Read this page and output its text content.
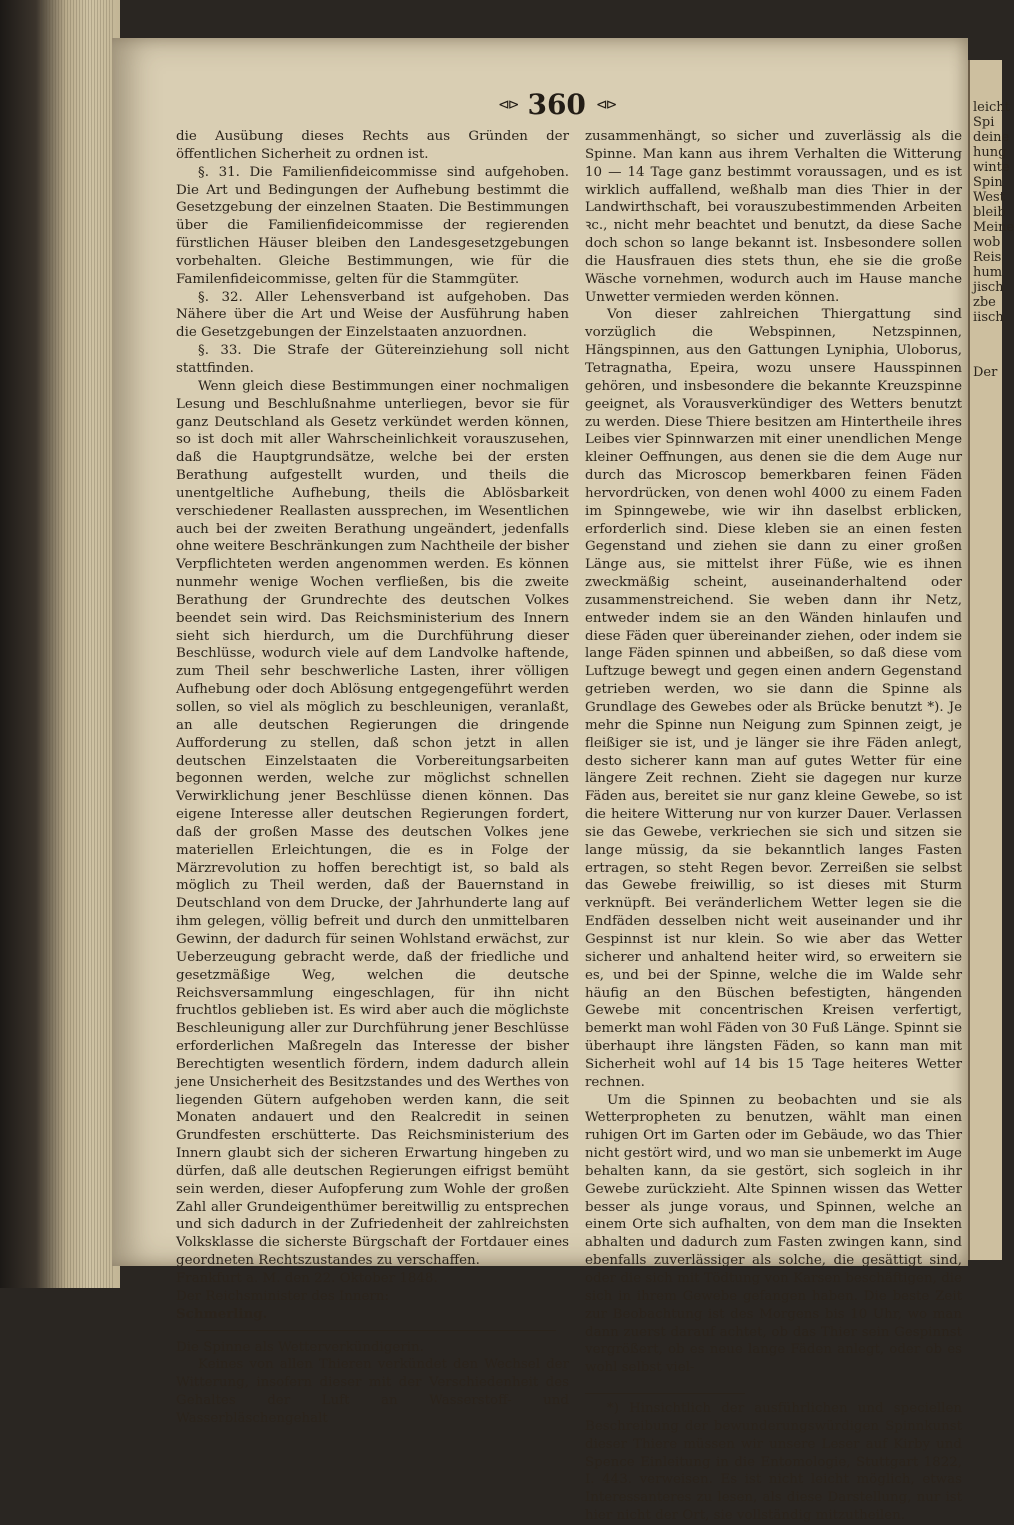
leicht
Spi
deine
hung
winte
Spin
West
bleib
Meine
wob
Reis
hum
jisch
zbe
iisch
Der
⊲⊳ 360 ⊲⊳

die Ausübung dieses Rechts aus Gründen der öffentlichen Sicherheit zu ordnen ist.

§. 31. Die Familienfideicommisse sind aufgehoben. Die Art und Bedingungen der Aufhebung bestimmt die Gesetzgebung der einzelnen Staaten. Die Bestimmungen über die Familienfideicommisse der regierenden fürstlichen Häuser bleiben den Landesgesetzgebungen vorbehalten. Gleiche Bestimmungen, wie für die Familenfideicommisse, gelten für die Stammgüter.

§. 32. Aller Lehensverband ist aufgehoben. Das Nähere über die Art und Weise der Ausführung haben die Gesetzgebungen der Einzelstaaten anzuordnen.

§. 33. Die Strafe der Gütereinziehung soll nicht stattfinden.

Wenn gleich diese Bestimmungen einer nochmaligen Lesung und Beschlußnahme unterliegen, bevor sie für ganz Deutschland als Gesetz verkündet werden können, so ist doch mit aller Wahrscheinlichkeit vorauszusehen, daß die Hauptgrundsätze, welche bei der ersten Berathung aufgestellt wurden, und theils die unentgeltliche Aufhebung, theils die Ablösbarkeit verschiedener Reallasten aussprechen, im Wesentlichen auch bei der zweiten Berathung ungeändert, jedenfalls ohne weitere Beschränkungen zum Nachtheile der bisher Verpflichteten werden angenommen werden. Es können nunmehr wenige Wochen verfließen, bis die zweite Berathung der Grundrechte des deutschen Volkes beendet sein wird. Das Reichsministerium des Innern sieht sich hierdurch, um die Durchführung dieser Beschlüsse, wodurch viele auf dem Landvolke haftende, zum Theil sehr beschwerliche Lasten, ihrer völligen Aufhebung oder doch Ablösung entgegengeführt werden sollen, so viel als möglich zu beschleunigen, veranlaßt, an alle deutschen Regierungen die dringende Aufforderung zu stellen, daß schon jetzt in allen deutschen Einzelstaaten die Vorbereitungsarbeiten begonnen werden, welche zur möglichst schnellen Verwirklichung jener Beschlüsse dienen können. Das eigene Interesse aller deutschen Regierungen fordert, daß der großen Masse des deutschen Volkes jene materiellen Erleichtungen, die es in Folge der Märzrevolution zu hoffen berechtigt ist, so bald als möglich zu Theil werden, daß der Bauernstand in Deutschland von dem Drucke, der Jahrhunderte lang auf ihm gelegen, völlig befreit und durch den unmittelbaren Gewinn, der dadurch für seinen Wohlstand erwächst, zur Ueberzeugung gebracht werde, daß der friedliche und gesetzmäßige Weg, welchen die deutsche Reichsversammlung eingeschlagen, für ihn nicht fruchtlos geblieben ist. Es wird aber auch die möglichste Beschleunigung aller zur Durchführung jener Beschlüsse erforderlichen Maßregeln das Interesse der bisher Berechtigten wesentlich fördern, indem dadurch allein jene Unsicherheit des Besitzstandes und des Werthes von liegenden Gütern aufgehoben werden kann, die seit Monaten andauert und den Realcredit in seinen Grundfesten erschütterte. Das Reichsministerium des Innern glaubt sich der sicheren Erwartung hingeben zu dürfen, daß alle deutschen Regierungen eifrigst bemüht sein werden, dieser Aufopferung zum Wohle der großen Zahl aller Grundeigenthümer bereitwillig zu entsprechen und sich dadurch in der Zufriedenheit der zahlreichsten Volksklasse die sicherste Bürgschaft der Fortdauer eines geordneten Rechtszustandes zu verschaffen.

Frankfurt a. M. den 22. Oktober 1848.

Der Reichsminister des Innern:

Schmerling.

Die Spinne als Wetterverkündigerin.

Keines von allen Thieren verkündet den Wechsel der Witterung, insofern dieser mit der Verschiedenheit des Gehaltes der Luft an Wasserstoff- und Wasserbläschengehalt

zusammenhängt, so sicher und zuverlässig als die Spinne. Man kann aus ihrem Verhalten die Witterung 10 — 14 Tage ganz bestimmt voraussagen, und es ist wirklich auffallend, weßhalb man dies Thier in der Landwirthschaft, bei vorauszubestimmenden Arbeiten ꝛc., nicht mehr beachtet und benutzt, da diese Sache doch schon so lange bekannt ist. Insbesondere sollen die Hausfrauen dies stets thun, ehe sie die große Wäsche vornehmen, wodurch auch im Hause manche Unwetter vermieden werden können.

Von dieser zahlreichen Thiergattung sind vorzüglich die Webspinnen, Netzspinnen, Hängspinnen, aus den Gattungen Lyniphia, Uloborus, Tetragnatha, Epeira, wozu unsere Hausspinnen gehören, und insbesondere die bekannte Kreuzspinne geeignet, als Vorausverkündiger des Wetters benutzt zu werden. Diese Thiere besitzen am Hintertheile ihres Leibes vier Spinnwarzen mit einer unendlichen Menge kleiner Oeffnungen, aus denen sie die dem Auge nur durch das Microscop bemerkbaren feinen Fäden hervordrücken, von denen wohl 4000 zu einem Faden im Spinngewebe, wie wir ihn daselbst erblicken, erforderlich sind. Diese kleben sie an einen festen Gegenstand und ziehen sie dann zu einer großen Länge aus, sie mittelst ihrer Füße, wie es ihnen zweckmäßig scheint, auseinanderhaltend oder zusammenstreichend. Sie weben dann ihr Netz, entweder indem sie an den Wänden hinlaufen und diese Fäden quer übereinander ziehen, oder indem sie lange Fäden spinnen und abbeißen, so daß diese vom Luftzuge bewegt und gegen einen andern Gegenstand getrieben werden, wo sie dann die Spinne als Grundlage des Gewebes oder als Brücke benutzt *). Je mehr die Spinne nun Neigung zum Spinnen zeigt, je fleißiger sie ist, und je länger sie ihre Fäden anlegt, desto sicherer kann man auf gutes Wetter für eine längere Zeit rechnen. Zieht sie dagegen nur kurze Fäden aus, bereitet sie nur ganz kleine Gewebe, so ist die heitere Witterung nur von kurzer Dauer. Verlassen sie das Gewebe, verkriechen sie sich und sitzen sie lange müssig, da sie bekanntlich langes Fasten ertragen, so steht Regen bevor. Zerreißen sie selbst das Gewebe freiwillig, so ist dieses mit Sturm verknüpft. Bei veränderlichem Wetter legen sie die Endfäden desselben nicht weit auseinander und ihr Gespinnst ist nur klein. So wie aber das Wetter sicherer und anhaltend heiter wird, so erweitern sie es, und bei der Spinne, welche die im Walde sehr häufig an den Büschen befestigten, hängenden Gewebe mit concentrischen Kreisen verfertigt, bemerkt man wohl Fäden von 30 Fuß Länge. Spinnt sie überhaupt ihre längsten Fäden, so kann man mit Sicherheit wohl auf 14 bis 15 Tage heiteres Wetter rechnen.

Um die Spinnen zu beobachten und sie als Wetterpropheten zu benutzen, wählt man einen ruhigen Ort im Garten oder im Gebäude, wo das Thier nicht gestört wird, und wo man sie unbemerkt im Auge behalten kann, da sie gestört, sich sogleich in ihr Gewebe zurückzieht. Alte Spinnen wissen das Wetter besser als junge voraus, und Spinnen, welche an einem Orte sich aufhalten, von dem man die Insekten abhalten und dadurch zum Fasten zwingen kann, sind ebenfalls zuverlässiger als solche, die gesättigt sind, oder die sich mit Tödtung von Karsen beschäftigen, die sich in ihrem Gewebe gefangen haben. Die beste Zeit zur Beobachtung ist des Morgens bis 10 Uhr, wo man dann zuerst darauf achtet, ob das Thier sein Gespinnst vergrößert, ob es neue lange Fäden anlegt, oder ob es wohl selbst viel-

*) Hinsichtlich der ausführlichen und speciellen Beschreibung der bewunderungswürdigen Spinnkunst dieser Thiere müssen wir unsere Leser auf Kirby und Spence Einleitung in die Entomologie, Stuttgart 1822, I. 443. verweisen. Es ist nicht leicht möglich, etwas Interessanteres zu lesen, als diese Darstellung, nur ist hier nicht der Ort, sie vollständig mitzutheilen.
